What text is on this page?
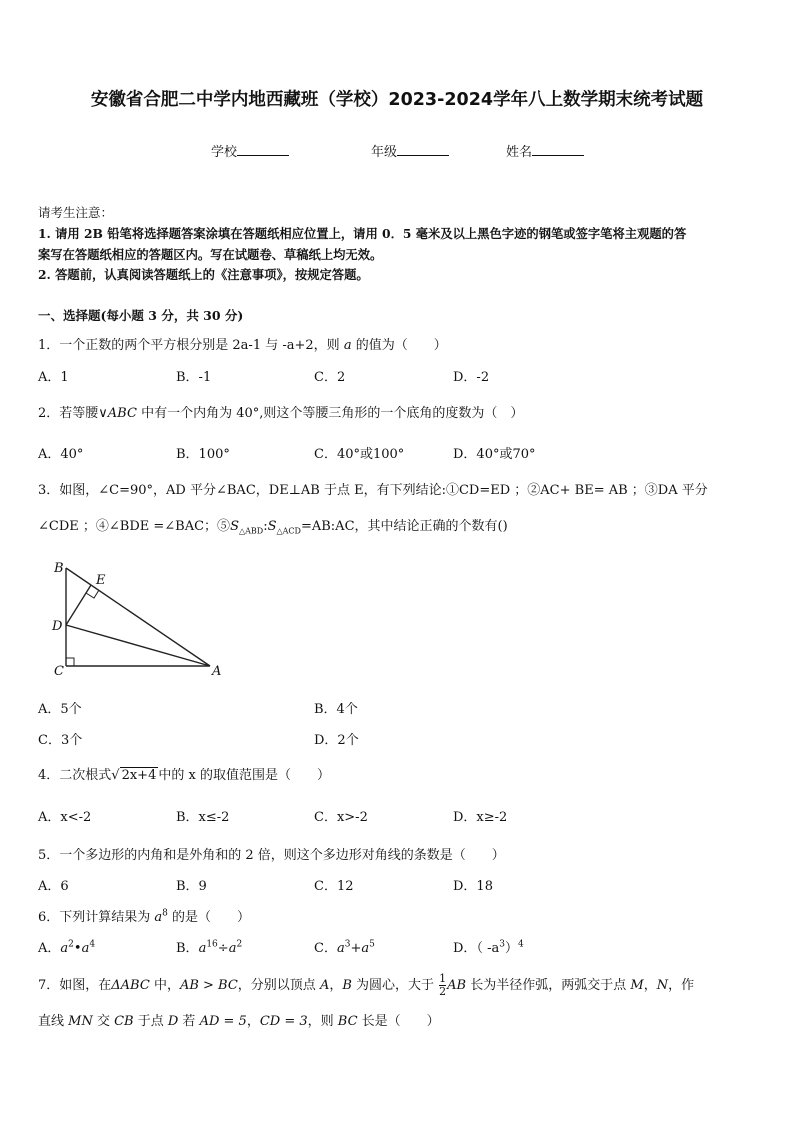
安徽省合肥二中学内地西藏班（学校）2023-2024学年八上数学期末统考试题
学校	年级	姓名
请考生注意：
1. 请用 2B 铅笔将选择题答案涂填在答题纸相应位置上，请用 0．5 毫米及以上黑色字迹的钢笔或签字笔将主观题的答
案写在答题纸相应的答题区内。写在试题卷、草稿纸上均无效。
2. 答题前，认真阅读答题纸上的《注意事项》，按规定答题。
一、选择题(每小题 3 分，共 30 分)
1．一个正数的两个平方根分别是 2a-1 与 -a+2，则 a 的值为（　　）
A．1	B．-1	C．2	D．-2
2．若等腰∨ABC 中有一个内角为 40°,则这个等腰三角形的一个底角的度数为（　）
A．40°	B．100°	C．40°或100°	D．40°或70°
3．如图，∠C=90°，AD 平分∠BAC，DE⊥AB 于点 E，有下列结论:①CD=ED ；②AC+ BE= AB ；③DA 平分
∠CDE ；④∠BDE =∠BAC；$⑤S_{\triangle ABD}:S_{\triangle ACD}=AB:AC$，其中结论正确的个数有()
B
E
D
C	A
A．5个	B．4个
C．3个	D．2个
4．二次根式√ 2x+4 中的 x 的取值范围是（　　）
A．x<-2	B．x≤-2	C．x>-2	D．x≥-2
5．一个多边形的内角和是外角和的 2 倍，则这个多边形对角线的条数是（　　）
A．6	B．9	C．12	D．18
6．下列计算结果为 $a^8$ 的是（　　）
A．$a^2•a^4$	B．$a^{16}\div a^2$	C．$a^3+a^5$	D．（ $-a^3)^4$
7．如图，在ΔABC 中，AB > BC，分别以顶点 A，B 为圆心，大于 $\frac{1}{2}$ AB 长为半径作弧，两弧交于点 M，N，作
直线 MN 交 CB 于点 D 若 AD = 5，CD = 3，则 BC 长是（　　）
